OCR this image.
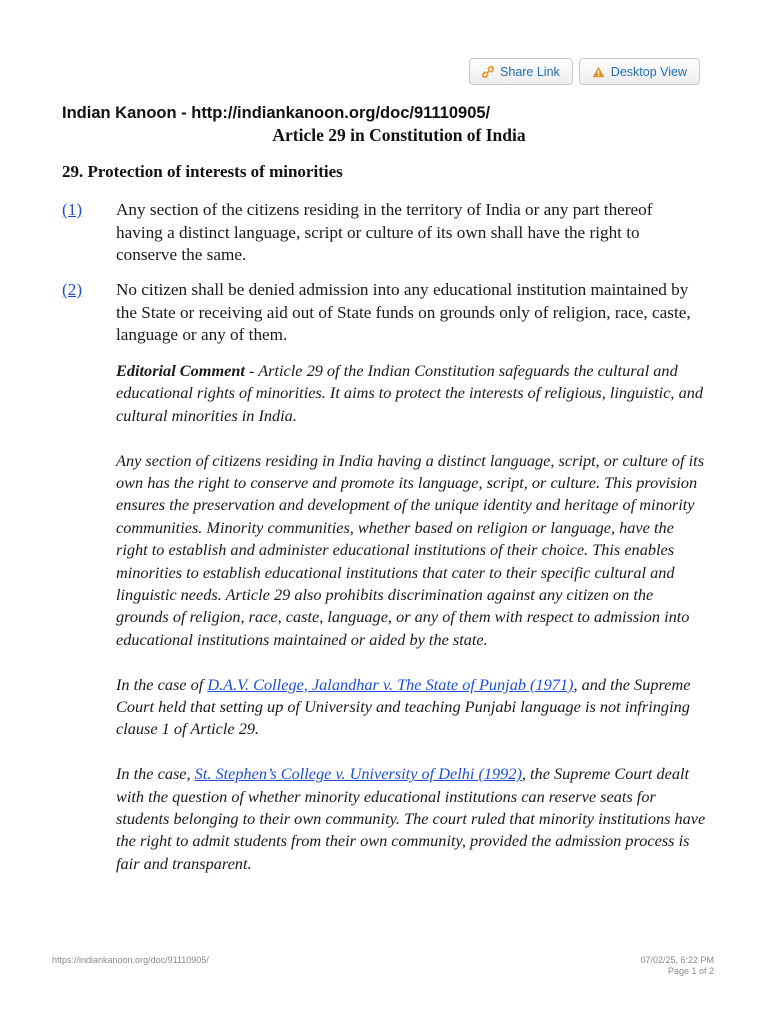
Share Link	Desktop View
Indian Kanoon - http://indiankanoon.org/doc/91110905/
Article 29 in Constitution of India
29. Protection of interests of minorities
(1) Any section of the citizens residing in the territory of India or any part thereof having a distinct language, script or culture of its own shall have the right to conserve the same.
(2) No citizen shall be denied admission into any educational institution maintained by the State or receiving aid out of State funds on grounds only of religion, race, caste, language or any of them.

Editorial Comment - Article 29 of the Indian Constitution safeguards the cultural and educational rights of minorities. It aims to protect the interests of religious, linguistic, and cultural minorities in India.

Any section of citizens residing in India having a distinct language, script, or culture of its own has the right to conserve and promote its language, script, or culture. This provision ensures the preservation and development of the unique identity and heritage of minority communities. Minority communities, whether based on religion or language, have the right to establish and administer educational institutions of their choice. This enables minorities to establish educational institutions that cater to their specific cultural and linguistic needs. Article 29 also prohibits discrimination against any citizen on the grounds of religion, race, caste, language, or any of them with respect to admission into educational institutions maintained or aided by the state.

In the case of D.A.V. College, Jalandhar v. The State of Punjab (1971), and the Supreme Court held that setting up of University and teaching Punjabi language is not infringing clause 1 of Article 29.

In the case, St. Stephen’s College v. University of Delhi (1992), the Supreme Court dealt with the question of whether minority educational institutions can reserve seats for students belonging to their own community. The court ruled that minority institutions have the right to admit students from their own community, provided the admission process is fair and transparent.

https://indiankanoon.org/doc/91110905/	07/02/25, 6:22 PM
Page 1 of 2
